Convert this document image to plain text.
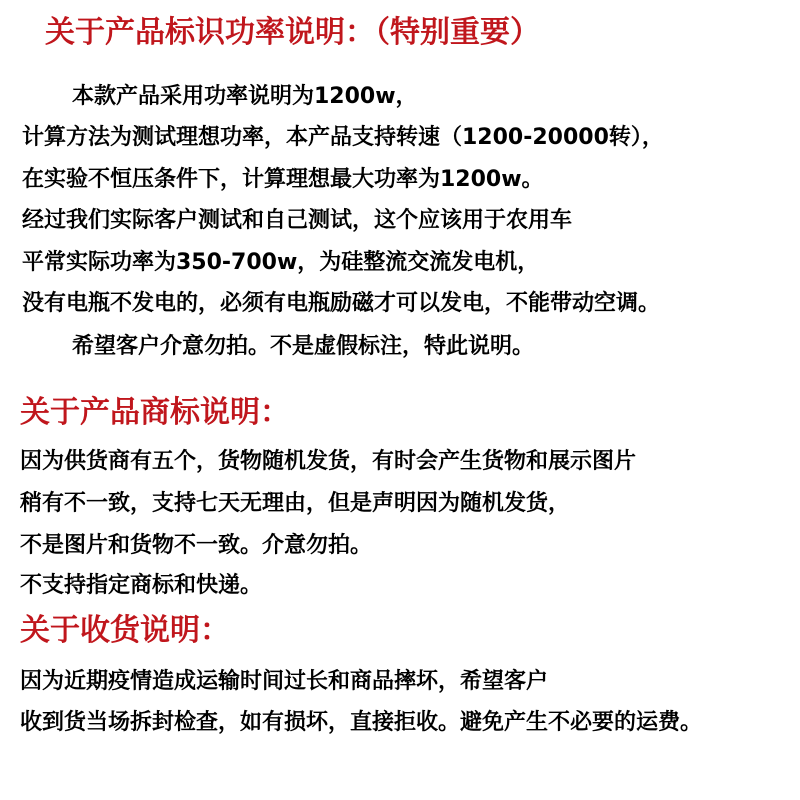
关于产品标识功率说明：（特别重要）
本款产品采用功率说明为1200w，
计算方法为测试理想功率，本产品支持转速（1200-20000转），
在实验不恒压条件下，计算理想最大功率为1200w。
经过我们实际客户测试和自己测试，这个应该用于农用车
平常实际功率为350-700w，为硅整流交流发电机，
没有电瓶不发电的，必须有电瓶励磁才可以发电，不能带动空调。
希望客户介意勿拍。不是虚假标注，特此说明。
关于产品商标说明：
因为供货商有五个，货物随机发货，有时会产生货物和展示图片
稍有不一致，支持七天无理由，但是声明因为随机发货，
不是图片和货物不一致。介意勿拍。
不支持指定商标和快递。
关于收货说明：
因为近期疫情造成运输时间过长和商品摔坏，希望客户
收到货当场拆封检查，如有损坏，直接拒收。避免产生不必要的运费。
